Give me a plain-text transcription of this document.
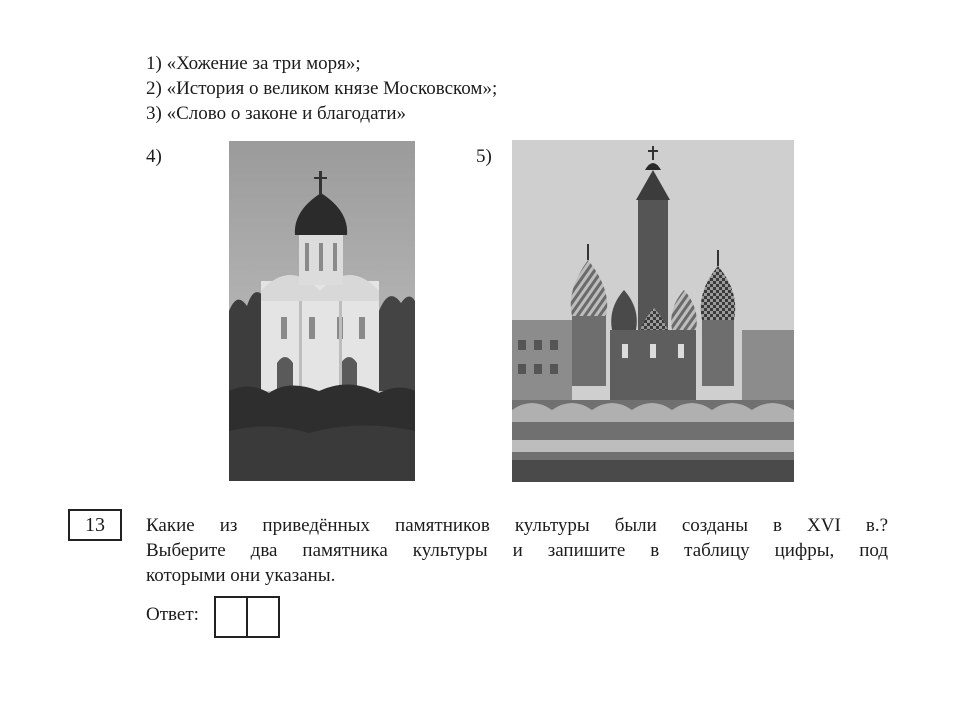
1) «Хожение за три моря»;
2) «История о великом князе Московском»;
3) «Слово о законе и благодати»
4)	5)
13	Какие из приведённых памятников культуры были созданы в XVI в.?
Выберите два памятника культуры и запишите в таблицу цифры, под
которыми они указаны.
Ответ:
